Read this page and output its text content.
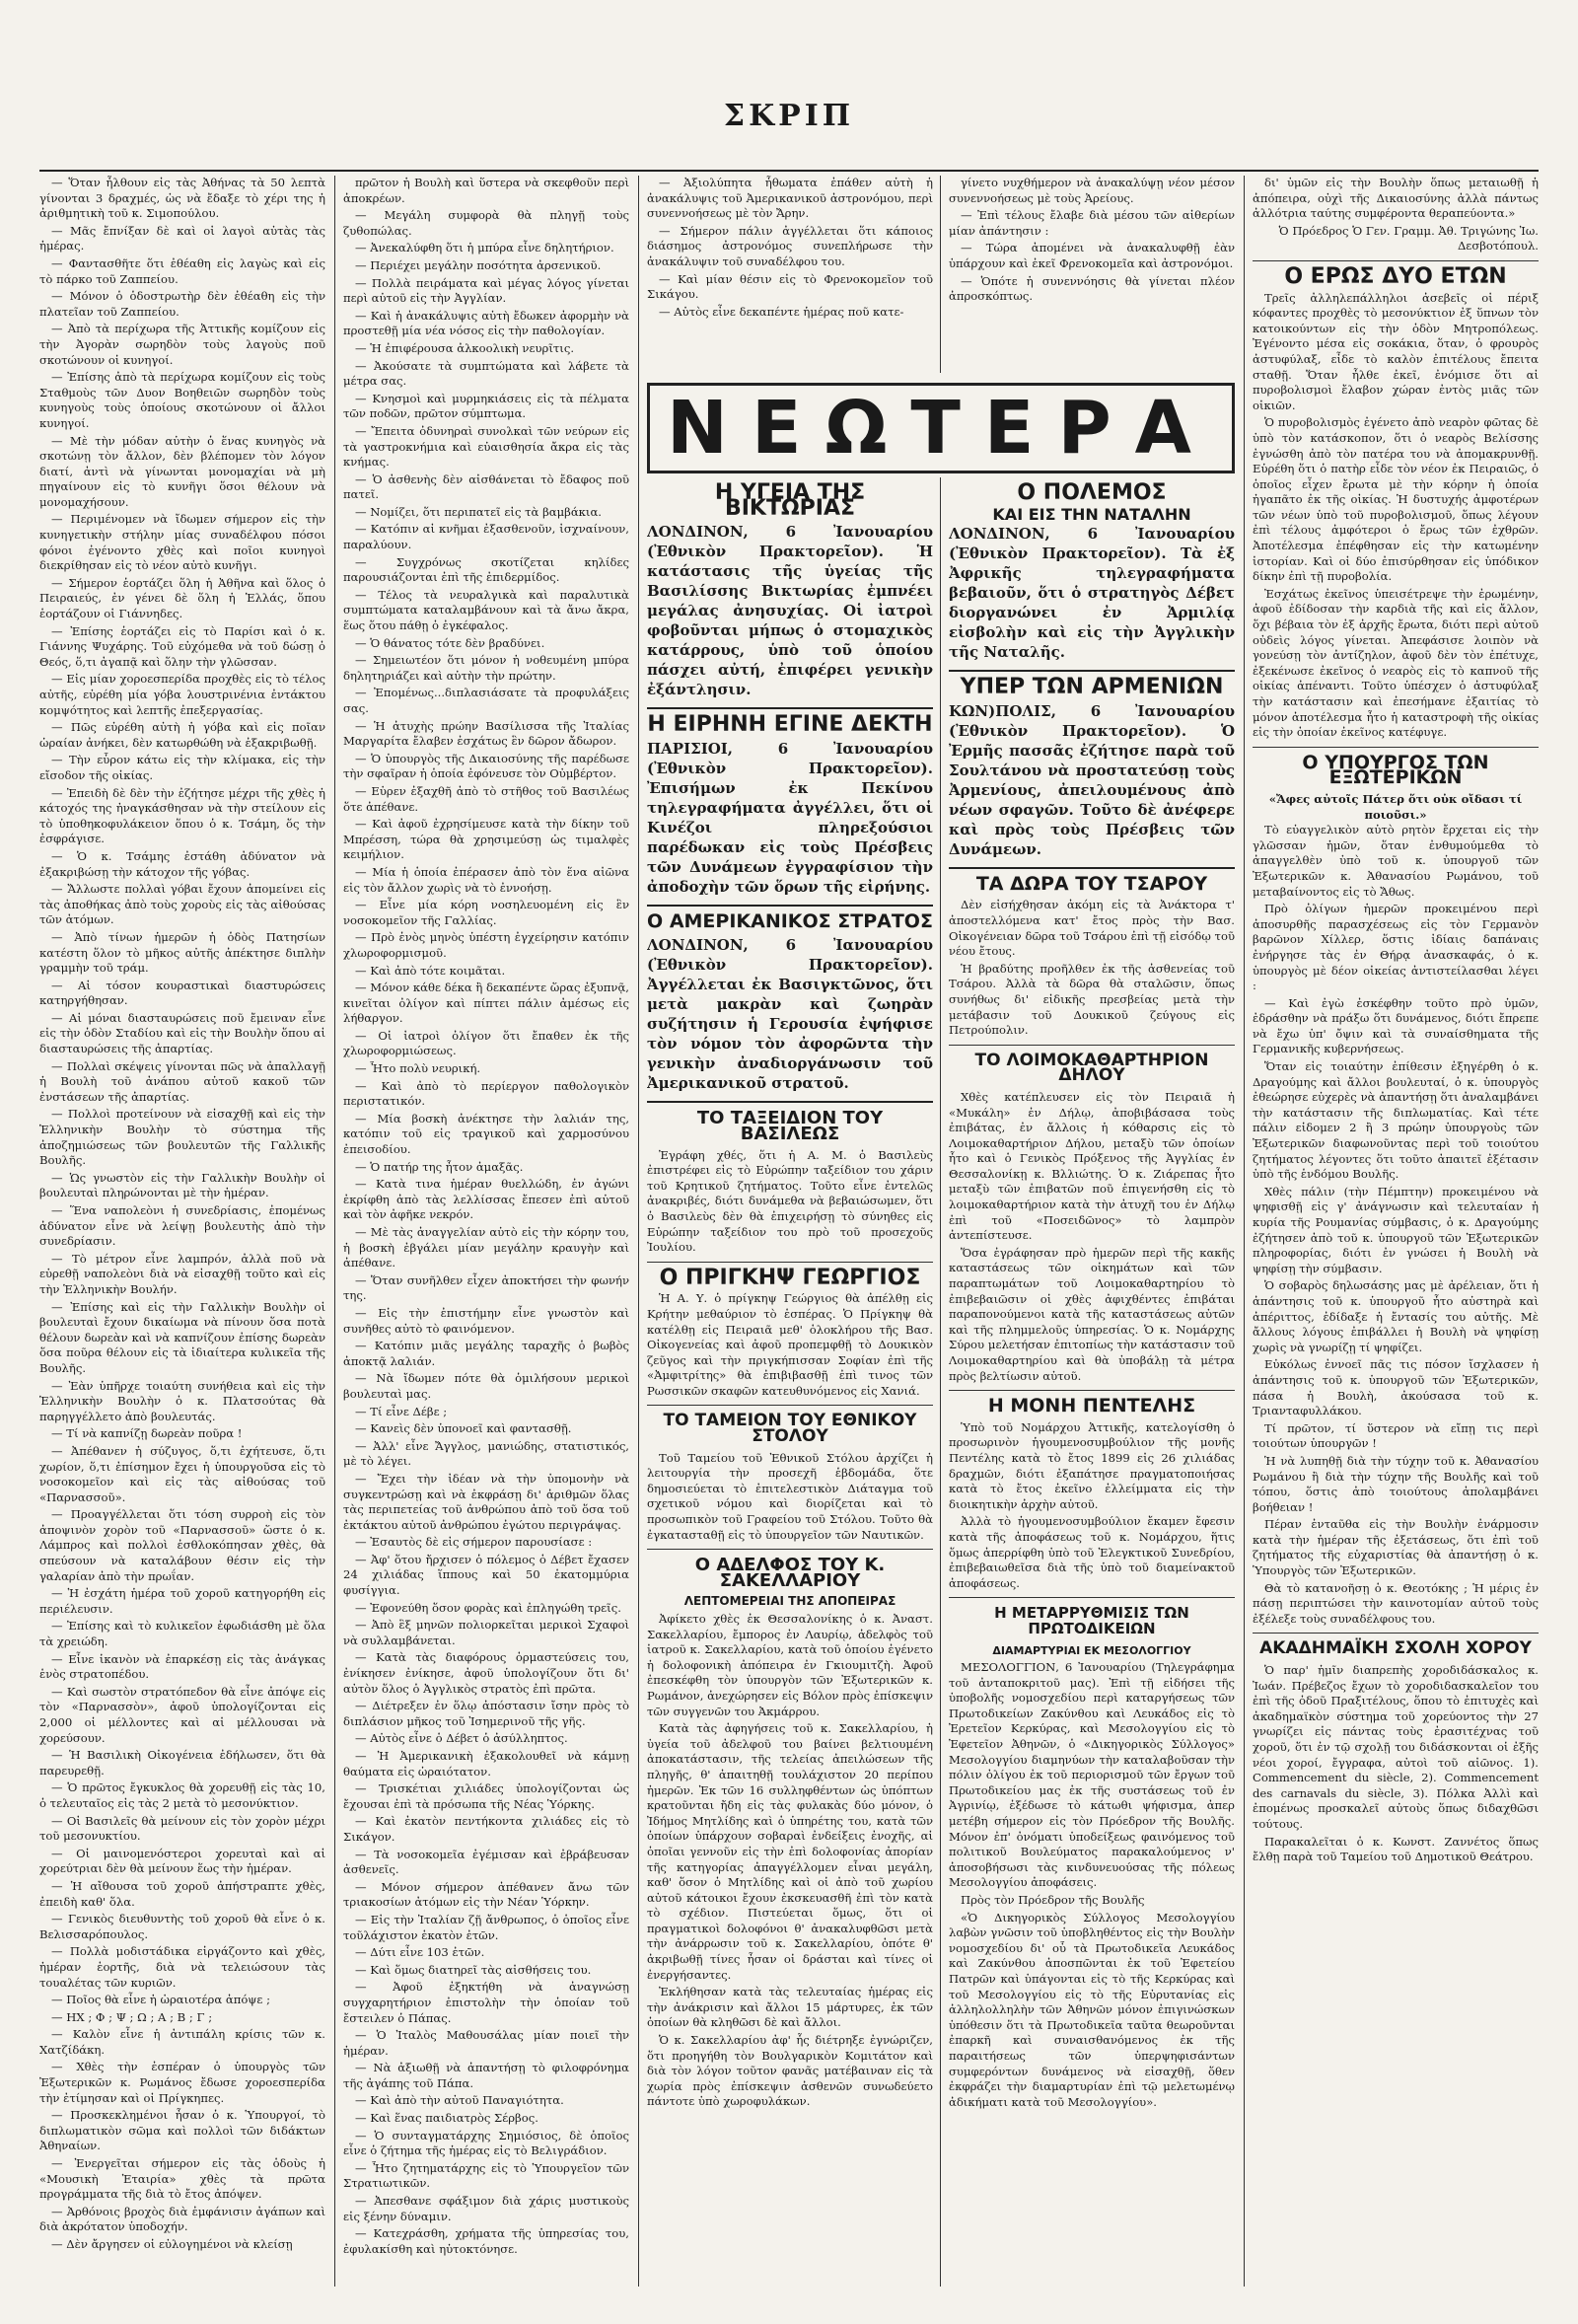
ΣΚΡΙΠ

— Ὅταν ἦλθουν εἰς τὰς Ἀθήνας τὰ 50 λεπτὰ γίνονται 3 δραχμές, ὡς νὰ ἔδαξε τὸ χέρι της ἡ ἀριθμητικὴ τοῦ κ. Σιμοπούλου.

— Μᾶς ἔπνίξαν δὲ καὶ οἱ λαγοὶ αὐτὰς τὰς ἡμέρας.

— Φαντασθῆτε ὅτι ἐθέαθη εἰς λαγὼς καὶ εἰς τὸ πάρκο τοῦ Ζαππείου.

— Μόνον ὁ ὁδοστρωτὴρ δὲν ἐθέαθη εἰς τὴν πλατεῖαν τοῦ Ζαππείου.

— Ἀπὸ τὰ περίχωρα τῆς Ἀττικῆς κομίζουν εἰς τὴν Ἀγορὰν σωρηδὸν τοὺς λαγοὺς ποῦ σκοτώνουν οἱ κυνηγοί.

— Ἐπίσης ἀπὸ τὰ περίχωρα κομίζουν εἰς τοὺς Σταθμοὺς τῶν Δυον Βοηθειῶν σωρηδὸν τοὺς κυνηγοὺς τοὺς ὁποίους σκοτώνουν οἱ ἄλλοι κυνηγοί.

— Μὲ τὴν μόδαν αὐτὴν ὁ ἕνας κυνηγὸς νὰ σκοτώνῃ τὸν ἄλλον, δὲν βλέπομεν τὸν λόγον διατί, ἀντὶ νὰ γίνωνται μονομαχίαι νὰ μὴ πηγαίνουν εἰς τὸ κυνῆγι ὅσοι θέλουν νὰ μονομαχήσουν.

— Περιμένομεν νὰ ἴδωμεν σήμερον εἰς τὴν κυνηγετικὴν στήλην μίας συναδέλφου πόσοι φόνοι ἐγένοντο χθὲς καὶ ποῖοι κυνηγοὶ διεκρίθησαν εἰς τὸ νέον αὐτὸ κυνῆγι.

— Σήμερον ἑορτάζει ὅλη ἡ Ἀθῆνα καὶ ὅλος ὁ Πειραιεύς, ἐν γένει δὲ ὅλη ἡ Ἑλλάς, ὅπου ἑορτάζουν οἱ Γιάννηδες.

— Ἐπίσης ἑορτάζει εἰς τὸ Παρίσι καὶ ὁ κ. Γιάννης Ψυχάρης. Τοῦ εὐχόμεθα νὰ τοῦ δώσῃ ὁ Θεός, ὅ,τι ἀγαπᾷ καὶ ὅλην τὴν γλῶσσαν.

— Εἰς μίαν χοροεσπερίδα προχθὲς εἰς τὸ τέλος αὐτῆς, εὑρέθη μία γόβα λουστρινένια ἐντάκτου κομψότητος καὶ λεπτῆς ἐπεξεργασίας.

— Πῶς εὑρέθη αὐτὴ ἡ γόβα καὶ εἰς ποῖαν ὡραίαν ἀνήκει, δὲν κατωρθώθη νὰ ἐξακριβωθῇ.

— Τὴν εὗρον κάτω εἰς τὴν κλίμακα, εἰς τὴν εἴσοδον τῆς οἰκίας.

— Ἐπειδὴ δὲ δὲν τὴν ἐζήτησε μέχρι τῆς χθὲς ἡ κάτοχός της ἠναγκάσθησαν νὰ τὴν στείλουν εἰς τὸ ὑποθηκοφυλάκειον ὅπου ὁ κ. Τσάμη, ὅς τὴν ἐσφράγισε.

— Ὁ κ. Τσάμης ἐστάθη ἀδύνατον νὰ ἐξακριβώσῃ τὴν κάτοχον τῆς γόβας.

— Ἄλλωστε πολλαὶ γόβαι ἔχουν ἀπομείνει εἰς τὰς ἀποθήκας ἀπὸ τοὺς χοροὺς εἰς τὰς αἰθούσας τῶν ἀτόμων.

— Ἀπὸ τίνων ἡμερῶν ἡ ὁδὸς Πατησίων κατέστη ὅλον τὸ μῆκος αὐτῆς ἀπέκτησε διπλὴν γραμμὴν τοῦ τράμ.

— Αἱ τόσον κουραστικαὶ διαστυρώσεις κατηργήθησαν.

— Αἱ μόναι διασταυρώσεις ποῦ ἔμειναν εἶνε εἰς τὴν ὁδὸν Σταδίου καὶ εἰς τὴν Βουλὴν ὅπου αἱ διασταυρώσεις τῆς ἀπαρτίας.

— Πολλαὶ σκέψεις γίνονται πῶς νὰ ἀπαλλαγῇ ἡ Βουλὴ τοῦ ἀνάπου αὐτοῦ κακοῦ τῶν ἐνστάσεων τῆς ἀπαρτίας.

— Πολλοὶ προτείνουν νὰ εἰσαχθῇ καὶ εἰς τὴν Ἑλληνικὴν Βουλὴν τὸ σύστημα τῆς ἀποζημιώσεως τῶν βουλευτῶν τῆς Γαλλικῆς Βουλῆς.

— Ὡς γνωστὸν εἰς τὴν Γαλλικὴν Βουλὴν οἱ βουλευταὶ πληρώνονται μὲ τὴν ἡμέραν.

— Ἕνα ναπολεὸνι ἡ συνεδρίασις, ἐπομένως ἀδύνατον εἶνε νὰ λείψῃ βουλευτὴς ἀπὸ τὴν συνεδρίασιν.

— Τὸ μέτρον εἶνε λαμπρόν, ἀλλὰ ποῦ νὰ εὑρεθῇ ναπολεὸνι διὰ νὰ εἰσαχθῇ τοῦτο καὶ εἰς τὴν Ἑλληνικὴν Βουλήν.

— Ἐπίσης καὶ εἰς τὴν Γαλλικὴν Βουλὴν οἱ βουλευταὶ ἔχουν δικαίωμα νὰ πίνουν ὅσα ποτὰ θέλουν δωρεὰν καὶ νὰ καπνίζουν ἐπίσης δωρεὰν ὅσα ποῦρα θέλουν εἰς τὰ ἰδιαίτερα κυλικεῖα τῆς Βουλῆς.

— Ἐὰν ὑπῆρχε τοιαύτη συνήθεια καὶ εἰς τὴν Ἑλληνικὴν Βουλὴν ὁ κ. Πλατσούτας θὰ παρηγγέλλετο ἀπὸ βουλευτάς.

— Τί νὰ καπνίζῃ δωρεὰν ποῦρα !

— Ἀπέθανεν ἡ σύζυγος, ὅ,τι ἐχήτευσε, ὅ,τι χωρίον, ὅ,τι ἐπίσημον ἔχει ἡ ὑπουργοῦσα εἰς τὸ νοσοκομεῖον καὶ εἰς τὰς αἰθούσας τοῦ «Παρνασσοῦ».

— Προαγγέλλεται ὅτι τόση συρροὴ εἰς τὸν ἀποψινὸν χορὸν τοῦ «Παρνασσοῦ» ὥστε ὁ κ. Λάμπρος καὶ πολλοὶ ἐσθλοκόπησαν χθὲς, θὰ σπεύσουν νὰ καταλάβουν θέσιν εἰς τὴν γαλαρίαν ἀπὸ τὴν πρωΐαν.

— Ἡ ἐσχάτη ἡμέρα τοῦ χοροῦ κατηγορήθη εἰς περιέλευσιν.

— Ἐπίσης καὶ τὸ κυλικεῖον ἐφωδιάσθη μὲ ὅλα τὰ χρειώδη.

— Εἶνε ἱκανὸν νὰ ἐπαρκέσῃ εἰς τὰς ἀνάγκας ἑνὸς στρατοπέδου.

— Καὶ σωστὸν στρατόπεδον θὰ εἶνε ἀπόψε εἰς τὸν «Παρνασσὸν», ἀφοῦ ὑπολογίζονται εἰς 2,000 οἱ μέλλοντες καὶ αἱ μέλλουσαι νὰ χορεύσουν.

— Ἡ Βασιλικὴ Οἰκογένεια ἐδήλωσεν, ὅτι θὰ παρευρεθῇ.

— Ὁ πρῶτος ἔγκυκλος θὰ χορευθῇ εἰς τὰς 10, ὁ τελευταῖος εἰς τὰς 2 μετὰ τὸ μεσονύκτιον.

— Οἱ Βασιλεῖς θὰ μείνουν εἰς τὸν χορὸν μέχρι τοῦ μεσονυκτίου.

— Οἱ μαινομενόστεροι χορευταὶ καὶ αἱ χορεύτριαι δὲν θὰ μείνουν ἕως τὴν ἡμέραν.

— Ἡ αἴθουσα τοῦ χοροῦ ἀπήστραπτε χθὲς, ἐπειδὴ καθ' ὅλα.

— Γενικὸς διευθυντὴς τοῦ χοροῦ θὰ εἶνε ὁ κ. Βελισσαρόπουλος.

— Πολλὰ μοδιστάδικα εἰργάζοντο καὶ χθὲς, ἡμέραν ἑορτῆς, διὰ νὰ τελειώσουν τὰς τουαλέτας τῶν κυριῶν.

— Ποῖος θὰ εἶνε ἡ ὡραιοτέρα ἀπόψε ;

— ΗΧ ; Φ ; Ψ ; Ω ; Α ; Β ; Γ ;

— Καλὸν εἶνε ἡ ἀντιπάλη κρίσις τῶν κ. Χατζίδάκη.

— Χθὲς τὴν ἐσπέραν ὁ ὑπουργὸς τῶν Ἐξωτερικῶν κ. Ρωμάνος ἔδωσε χοροεσπερίδα τὴν ἐτίμησαν καὶ οἱ Πρίγκηπες.

— Προσκεκλημένοι ἦσαν ὁ κ. Ὑπουργοί, τὸ διπλωματικὸν σῶμα καὶ πολλοὶ τῶν διδάκτων Ἀθηναίων.

— Ἐνεργεῖται σήμερον εἰς τὰς ὁδοὺς ἡ «Μουσικὴ Ἑταιρία» χθὲς τὰ πρῶτα προγράμματα τῆς διὰ τὸ ἔτος ἀπόψεν.

— Ἀρθόνοις βροχὸς διὰ ἐμφάνισιν ἀγάπων καὶ διὰ ἀκρότατον ὑποδοχήν.

— Δὲν ἄργησεν οἱ εὐλογημένοι νὰ κλείσῃ

πρῶτον ἡ Βουλὴ καὶ ὕστερα νὰ σκεφθοῦν περὶ ἀποκρέων.

— Μεγάλη συμφορὰ θὰ πληγῇ τοὺς ζυθοπώλας.

— Ἀνεκαλύφθη ὅτι ἡ μπύρα εἶνε δηλητήριον.

— Περιέχει μεγάλην ποσότητα ἀρσενικοῦ.

— Πολλὰ πειράματα καὶ μέγας λόγος γίνεται περὶ αὐτοῦ εἰς τὴν Ἀγγλίαν.

— Καὶ ἡ ἀνακάλυψις αὐτὴ ἔδωκεν ἀφορμὴν νὰ προστεθῇ μία νέα νόσος εἰς τὴν παθολογίαν.

— Ἡ ἐπιφέρουσα ἀλκοολικὴ νευρῖτις.

— Ἀκούσατε τὰ συμπτώματα καὶ λάβετε τὰ μέτρα σας.

— Κνησμοὶ καὶ μυρμηκιάσεις εἰς τὰ πέλματα τῶν ποδῶν, πρῶτον σύμπτωμα.

— Ἔπειτα ὀδυνηραὶ συνολκαὶ τῶν νεύρων εἰς τὰ γαστροκνήμια καὶ εὐαισθησία ἄκρα εἰς τὰς κνήμας.

— Ὁ ἀσθενὴς δὲν αἰσθάνεται τὸ ἔδαφος ποῦ πατεῖ.

— Νομίζει, ὅτι περιπατεῖ εἰς τὰ βαμβάκια.

— Κατόπιν αἱ κνῆμαι ἐξασθενοῦν, ἰσχναίνουν, παραλύουν.

— Συγχρόνως σκοτίζεται κηλίδες παρουσιάζονται ἐπὶ τῆς ἐπιδερμίδος.

— Τέλος τὰ νευραλγικὰ καὶ παραλυτικὰ συμπτώματα καταλαμβάνουν καὶ τὰ ἄνω ἄκρα, ἕως ὅτου πάθῃ ὁ ἐγκέφαλος.

— Ὁ θάνατος τότε δὲν βραδύνει.

— Σημειωτέον ὅτι μόνον ἡ νοθευμένη μπύρα δηλητηριάζει καὶ αὐτὴν τὴν πρώτην.

— Ἐπομένως...διπλασιάσατε τὰ προφυλάξεις σας.

— Ἡ ἀτυχὴς πρώην Βασίλισσα τῆς Ἰταλίας Μαργαρίτα ἔλαβεν ἐσχάτως ἓν δῶρον ἄδωρον.

— Ὁ ὑπουργὸς τῆς Δικαιοσύνης τῆς παρέδωσε τὴν σφαῖραν ἡ ὁποία ἐφόνευσε τὸν Οὐμβέρτον.

— Εὑρεν ἐξαχθῆ ἀπὸ τὸ στῆθος τοῦ Βασιλέως ὅτε ἀπέθανε.

— Καὶ ἀφοῦ ἐχρησίμευσε κατὰ τὴν δίκην τοῦ Μπρέσση, τώρα θὰ χρησιμεύσῃ ὡς τιμαλφὲς κειμήλιον.

— Μία ἡ ὁποία ἐπέρασεν ἀπὸ τὸν ἕνα αἰῶνα εἰς τὸν ἄλλον χωρὶς νὰ τὸ ἐννοήσῃ.

— Εἶνε μία κόρη νοσηλευομένη εἰς ἓν νοσοκομεῖον τῆς Γαλλίας.

— Πρὸ ἑνὸς μηνὸς ὑπέστη ἐγχείρησιν κατόπιν χλωροφορμισμοῦ.

— Καὶ ἀπὸ τότε κοιμᾶται.

— Μόνον κάθε δέκα ἢ δεκαπέντε ὥρας ἐξυπνᾷ, κινεῖται ὀλίγον καὶ πίπτει πάλιν ἀμέσως εἰς λήθαργον.

— Οἱ ἰατροὶ ὀλίγον ὅτι ἔπαθεν ἐκ τῆς χλωροφορμιώσεως.

— Ἦτο πολὺ νευρική.

— Καὶ ἀπὸ τὸ περίεργον παθολογικὸν περιστατικόν.

— Μία βοσκὴ ἀνέκτησε τὴν λαλιάν της, κατόπιν τοῦ εἰς τραγικοῦ καὶ χαρμοσύνου ἐπεισοδίου.

— Ὁ πατήρ της ἦτον ἀμαξᾶς.

— Κατὰ τινα ἡμέραν θυελλώδη, ἐν ἀγώνι ἐκρίφθη ἀπὸ τὰς λελλίσσας ἔπεσεν ἐπὶ αὐτοῦ καὶ τὸν ἀφῆκε νεκρόν.

— Μὲ τὰς ἀναγγελίαν αὐτὸ εἰς τὴν κόρην του, ἡ βοσκὴ ἐβγάλει μίαν μεγάλην κραυγὴν καὶ ἀπέθανε.

— Ὅταν συνῆλθεν εἶχεν ἀποκτήσει τὴν φωνήν της.

— Εἰς τὴν ἐπιστήμην εἶνε γνωστὸν καὶ συνῆθες αὐτὸ τὸ φαινόμενον.

— Κατόπιν μιᾶς μεγάλης ταραχῆς ὁ βωβὸς ἀποκτᾷ λαλιάν.

— Νὰ ἴδωμεν πότε θὰ ὁμιλήσουν μερικοὶ βουλευταὶ μας.

— Τί εἶνε Δέβε ;

— Κανεὶς δὲν ὑπονοεῖ καὶ φαντασθῇ.

— Ἀλλ' εἶνε Ἄγγλος, μανιώδης, στατιστικός, μὲ τὸ λέγει.

— Ἔχει τὴν ἰδέαν νὰ τὴν ὑπομονὴν νὰ συγκεντρώσῃ καὶ νὰ ἐκφράσῃ δι' ἀριθμῶν ὅλας τὰς περιπετείας τοῦ ἀνθρώπου ἀπὸ τοῦ ὅσα τοῦ ἐκτάκτου αὐτοῦ ἀνθρώπου ἐγώτου περιγράψας.

— Ἐσαυτὸς δὲ εἰς σήμερον παρουσίασε :

— Ἀφ' ὅτου ἤρχισεν ὁ πόλεμος ὁ Δέβετ ἔχασεν 24 χιλιάδας ἵππους καὶ 50 ἑκατομμύρια φυσίγγια.

— Ἐφονεύθη ὅσον φορὰς καὶ ἐπληγώθη τρεῖς.

— Ἀπὸ ἓξ μηνῶν πολιορκεῖται μερικοὶ Σχαφοὶ νὰ συλλαμβάνεται.

— Κατὰ τὰς διαφόρους ὁρμαστεύσεις του, ἐνίκησεν ἐνίκησε, ἀφοῦ ὑπολογίζουν ὅτι δι' αὐτὸν ὅλος ὁ Ἀγγλικὸς στρατὸς ἐπὶ πρῶτα.

— Διέτρεξεν ἐν ὅλῳ ἀπόστασιν ἴσην πρὸς τὸ διπλάσιον μῆκος τοῦ Ἰσημερινοῦ τῆς γῆς.

— Αὐτὸς εἶνε ὁ Δέβετ ὁ ἀσύλληπτος.

— Ἡ Ἀμερικανικὴ ἐξακολουθεῖ νὰ κάμνῃ θαύματα εἰς ὡραιότατον.

— Τρισκέτιαι χιλιάδες ὑπολογίζονται ὡς ἔχουσαι ἐπὶ τὰ πρόσωπα τῆς Νέας Ὑόρκης.

— Καὶ ἐκατὸν πεντήκοντα χιλιάδες εἰς τὸ Σικάγον.

— Τὰ νοσοκομεῖα ἐγέμισαν καὶ ἐβράβευσαν ἀσθενεῖς.

— Μόνον σήμερον ἀπέθανεν ἄνω τῶν τριακοσίων ἀτόμων εἰς τὴν Νέαν Ὑόρκην.

— Εἰς τὴν Ἰταλίαν ζῇ ἄνθρωπος, ὁ ὁποῖος εἶνε τοῦλάχιστον ἑκατὸν ἐτῶν.

— Δύτι εἶνε 103 ἐτῶν.

— Καὶ ὅμως διατηρεῖ τὰς αἰσθήσεις του.

— Ἀφοῦ ἐξηκτήθη νὰ ἀναγνώσῃ συγχαρητήριον ἐπιστολὴν τὴν ὁποίαν τοῦ ἔστειλεν ὁ Πάπας.

— Ὁ Ἰταλὸς Μαθουσάλας μίαν ποιεῖ τὴν ἡμέραν.

— Νὰ ἀξιωθῇ νὰ ἀπαντήσῃ τὸ φιλοφρόνημα τῆς ἀγάπης τοῦ Πάπα.

— Καὶ ἀπὸ τὴν αὐτοῦ Παναγιότητα.

— Καὶ ἕνας παιδιατρὸς Σέρβος.

— Ὁ συνταγματάρχης Σημιόσιος, δὲ ὁποῖος εἶνε ὁ ζήτημα τῆς ἡμέρας εἰς τὸ Βελιγράδιον.

— Ἦτο ζητηματάρχης εἰς τὸ Ὑπουργεῖον τῶν Στρατιωτικῶν.

— Ἀπεσθανε σφάξιμον διὰ χάρις μυστικοὺς εἰς ξένην δύναμιν.

— Κατεχράσθη, χρήματα τῆς ὑπηρεσίας του, ἐφυλακίσθη καὶ ηὐτοκτόνησε.

— Ἀξιολύπητα ἦθωματα ἐπάθεν αὐτὴ ἡ ἀνακάλυψις τοῦ Ἀμερικανικοῦ ἀστρονόμου, περὶ συνεννοήσεως μὲ τὸν Ἄρην.

— Σήμερον πάλιν ἀγγέλλεται ὅτι κάποιος διάσημος ἀστρονόμος συνεπλήρωσε τὴν ἀνακάλυψιν τοῦ συναδέλφου του.

— Καὶ μίαν θέσιν εἰς τὸ Φρενοκομεῖον τοῦ Σικάγου.

— Αὐτὸς εἶνε δεκαπέντε ἡμέρας ποῦ κατε-

γίνετο νυχθήμερον νὰ ἀνακαλύψῃ νέον μέσον συνεννοήσεως μὲ τοὺς Ἀρείους.

— Ἐπὶ τέλους ἔλαβε διὰ μέσου τῶν αἰθερίων μίαν ἀπάντησιν :

— Τώρα ἀπομένει νὰ ἀνακαλυφθῇ ἐὰν ὑπάρχουν καὶ ἐκεῖ Φρενοκομεῖα καὶ ἀστρονόμοι.

— Ὁπότε ἡ συνεννόησις θὰ γίνεται πλέον ἀπροσκόπτως.

ΝΕΩΤΕΡΑ
Η ΥΓΕΙΑ ΤΗΣ ΒΙΚΤΩΡΙΑΣ
ΛΟΝΔΙΝΟΝ, 6 Ἰανουαρίου (Ἐθνικὸν Πρακτορεῖον). Ἡ κατάστασις τῆς ὑγείας τῆς Βασιλίσσης Βικτωρίας ἐμπνέει μεγάλας ἀνησυχίας. Οἱ ἰατροὶ φοβοῦνται μήπως ὁ στομαχικὸς κατάρρους, ὑπὸ τοῦ ὁποίου πάσχει αὐτή, ἐπιφέρει γενικὴν ἐξάντλησιν.
Η ΕΙΡΗΝΗ ΕΓΙΝΕ ΔΕΚΤΗ
ΠΑΡΙΣΙΟΙ, 6 Ἰανουαρίου (Ἐθνικὸν Πρακτορεῖον). Ἐπισήμων ἐκ Πεκίνου τηλεγραφήματα ἀγγέλλει, ὅτι οἱ Κινέζοι πληρεξούσιοι παρέδωκαν εἰς τοὺς Πρέσβεις τῶν Δυνάμεων ἐγγραφίσιον τὴν ἀποδοχὴν τῶν ὅρων τῆς εἰρήνης.
Ο ΑΜΕΡΙΚΑΝΙΚΟΣ ΣΤΡΑΤΟΣ
ΛΟΝΔΙΝΟΝ, 6 Ἰανουαρίου (Ἐθνικὸν Πρακτορεῖον). Ἀγγέλλεται ἐκ Βασιγκτῶνος, ὅτι μετὰ μακρὰν καὶ ζωηρὰν συζήτησιν ἡ Γερουσία ἐψήφισε τὸν νόμον τὸν ἀφορῶντα τὴν γενικὴν ἀναδιοργάνωσιν τοῦ Ἀμερικανικοῦ στρατοῦ.
ΤΟ ΤΑΞΕΙΔΙΟΝ ΤΟΥ ΒΑΣΙΛΕΩΣ

Ἐγράφη χθές, ὅτι ἡ Α. Μ. ὁ Βασιλεὺς ἐπιστρέφει εἰς τὸ Εὐρώπην ταξείδιον του χάριν τοῦ Κρητικοῦ ζητήματος. Τοῦτο εἶνε ἐντελῶς ἀνακριβές, διότι δυνάμεθα νὰ βεβαιώσωμεν, ὅτι ὁ Βασιλεὺς δὲν θὰ ἐπιχειρήσῃ τὸ σύνηθες εἰς Εὐρώπην ταξείδιον του πρὸ τοῦ προσεχοῦς Ἰουλίου.

Ο ΠΡΙΓΚΗΨ ΓΕΩΡΓΙΟΣ

Ἡ Α. Υ. ὁ πρίγκηψ Γεώργιος θὰ ἀπέλθῃ εἰς Κρήτην μεθαύριον τὸ ἑσπέρας. Ὁ Πρίγκηψ θὰ κατέλθῃ εἰς Πειραιᾶ μεθ' ὁλοκλήρου τῆς Βασ. Οἰκογενείας καὶ ἀφοῦ προπεμφθῇ τὸ Δουκικὸν ζεῦγος καὶ τὴν πριγκήπισσαν Σοφίαν ἐπὶ τῆς «Ἀμφιτρίτης» θὰ ἐπιβιβασθῇ ἐπὶ τινος τῶν Ρωσσικῶν σκαφῶν κατευθυνόμενος εἰς Χανιά.

ΤΟ ΤΑΜΕΙΟΝ ΤΟΥ ΕΘΝΙΚΟΥ ΣΤΟΛΟΥ

Τοῦ Ταμείου τοῦ Ἐθνικοῦ Στόλου ἀρχίζει ἡ λειτουργία τὴν προσεχῆ ἑβδομάδα, ὅτε δημοσιεύεται τὸ ἐπιτελεστικὸν Διάταγμα τοῦ σχετικοῦ νόμου καὶ διορίζεται καὶ τὸ προσωπικὸν τοῦ Γραφείου τοῦ Στόλου. Τοῦτο θὰ ἐγκατασταθῇ εἰς τὸ ὑπουργεῖον τῶν Ναυτικῶν.

Ο ΑΔΕΛΦΟΣ ΤΟΥ Κ. ΣΑΚΕΛΛΑΡΙΟΥ
ΛΕΠΤΟΜΕΡΕΙΑΙ ΤΗΣ ΑΠΟΠΕΙΡΑΣ

Ἀφίκετο χθὲς ἐκ Θεσσαλονίκης ὁ κ. Ἀναστ. Σακελλαρίου, ἔμπορος ἐν Λαυρίῳ, ἀδελφὸς τοῦ ἰατροῦ κ. Σακελλαρίου, κατὰ τοῦ ὁποίου ἐγένετο ἡ δολοφονικὴ ἀπόπειρα ἐν Γκιουμιτζὴ. Ἀφοῦ ἐπεσκέφθη τὸν ὑπουργὸν τῶν Ἐξωτερικῶν κ. Ρωμάνον, ἀνεχώρησεν εἰς Βόλον πρὸς ἐπίσκεψιν τῶν συγγενῶν του Ἀκμάρρου.

Κατὰ τὰς ἀφηγήσεις τοῦ κ. Σακελλαρίου, ἡ ὑγεία τοῦ ἀδελφοῦ του βαίνει βελτιουμένη ἀποκατάστασιν, τῆς τελείας ἀπειλώσεων τῆς πληγῆς, θ' ἀπαιτηθῇ τουλάχιστον 20 περίπου ἡμερῶν. Ἐκ τῶν 16 συλληφθέντων ὡς ὑπόπτων κρατοῦνται ἤδη εἰς τὰς φυλακὰς δύο μόνον, ὁ Ἰδήμος Μητλίδης καὶ ὁ ὑπηρέτης του, κατὰ τῶν ὁποίων ὑπάρχουν σοβαραὶ ἐνδείξεις ἐνοχῆς, αἱ ὁποῖαι γεννοῦν εἰς τὴν ἐπὶ δολοφονίας ἀπορίαν τῆς κατηγορίας ἀπαγγέλλομεν εἶναι μεγάλη, καθ' ὅσον ὁ Μητλίδης καὶ οἱ ἀπὸ τοῦ χωρίου αὐτοῦ κάτοικοι ἔχουν ἐκσκευασθῆ ἐπὶ τὸν κατὰ τὸ σχέδιον. Πιστεύεται ὅμως, ὅτι οἱ πραγματικοὶ δολοφόνοι θ' ἀνακαλυφθῶσι μετὰ τὴν ἀνάρρωσιν τοῦ κ. Σακελλαρίου, ὁπότε θ' ἀκριβωθῇ τίνες ἦσαν οἱ δράσται καὶ τίνες οἱ ἐνεργήσαντες.

Ἐκλήθησαν κατὰ τὰς τελευταίας ἡμέρας εἰς τὴν ἀνάκρισιν καὶ ἄλλοι 15 μάρτυρες, ἐκ τῶν ὁποίων θὰ κληθῶσι δὲ καὶ ἄλλοι.

Ὁ κ. Σακελλαρίου ἀφ' ἧς διέτρηξε ἐγνώριζεν, ὅτι προηγήθη τὸν Βουλγαρικὸν Κομιτάτον καὶ διὰ τὸν λόγον τοῦτον φανᾶς ματέβαιναν εἰς τὰ χωρία πρὸς ἐπίσκεψιν ἀσθενῶν συνωδεύετο πάντοτε ὑπὸ χωροφυλάκων.

Ο ΠΟΛΕΜΟΣ
ΚΑΙ ΕΙΣ ΤΗΝ ΝΑΤΑΛΗΝ
ΛΟΝΔΙΝΟΝ, 6 Ἰανουαρίου (Ἐθνικὸν Πρακτορεῖον). Τὰ ἐξ Ἀφρικῆς τηλεγραφήματα βεβαιοῦν, ὅτι ὁ στρατηγὸς Δέβετ διοργανώνει ἐν Ἀρμιλίᾳ εἰσβολὴν καὶ εἰς τὴν Ἀγγλικὴν τῆς Ναταλῆς.
ΥΠΕΡ ΤΩΝ ΑΡΜΕΝΙΩΝ
ΚΩΝ)ΠΟΛΙΣ, 6 Ἰανουαρίου (Ἐθνικὸν Πρακτορεῖον). Ὁ Ἐρμῆς πασσᾶς ἐζήτησε παρὰ τοῦ Σουλτάνου νὰ προστατεύσῃ τοὺς Ἀρμενίους, ἀπειλουμένους ἀπὸ νέων σφαγῶν. Τοῦτο δὲ ἀνέφερε καὶ πρὸς τοὺς Πρέσβεις τῶν Δυνάμεων.
ΤΑ ΔΩΡΑ ΤΟΥ ΤΣΑΡΟΥ

Δὲν εἰσήχθησαν ἀκόμη εἰς τὰ Ἀνάκτορα τ' ἀποστελλόμενα κατ' ἔτος πρὸς τὴν Βασ. Οἰκογένειαν δῶρα τοῦ Τσάρου ἐπὶ τῇ εἰσόδῳ τοῦ νέου ἔτους.

Ἡ βραδύτης προῆλθεν ἐκ τῆς ἀσθενείας τοῦ Τσάρου. Ἀλλὰ τὰ δῶρα θὰ σταλῶσιν, ὅπως συνήθως δι' εἰδικῆς πρεσβείας μετὰ τὴν μετάβασιν τοῦ Δουκικοῦ ζεύγους εἰς Πετρούπολιν.

ΤΟ ΛΟΙΜΟΚΑΘΑΡΤΗΡΙΟΝ ΔΗΛΟΥ

Χθὲς κατέπλευσεν εἰς τὸν Πειραιᾶ ἡ «Μυκάλη» ἐν Δήλῳ, ἀποβιβάσασα τοὺς ἐπιβάτας, ἐν ἄλλοις ἡ κόθαρσις εἰς τὸ Λοιμοκαθαρτήριον Δήλου, μεταξὺ τῶν ὁποίων ἦτο καὶ ὁ Γενικὸς Πρόξενος τῆς Ἀγγλίας ἐν Θεσσαλονίκῃ κ. Βλλιώτης. Ὁ κ. Ζιάρεπας ἦτο μεταξὺ τῶν ἐπιβατῶν ποῦ ἐπιγενήσθη εἰς τὸ λοιμοκαθαρτήριον κατὰ τὴν ἀτυχῆ του ἐν Δήλῳ ἐπὶ τοῦ «Ποσειδῶνος» τὸ λαμπρὸν ἀντεπίστευσε.

Ὅσα ἐγράφησαν πρὸ ἡμερῶν περὶ τῆς κακῆς καταστάσεως τῶν οἰκημάτων καὶ τῶν παραπτωμάτων τοῦ Λοιμοκαθαρτηρίου τὸ ἐπιβεβαιῶσιν οἱ χθὲς ἀφιχθέντες ἐπιβάται παραπονούμενοι κατὰ τῆς καταστάσεως αὐτῶν καὶ τῆς πλημμελοῦς ὑπηρεσίας. Ὁ κ. Νομάρχης Σύρου μελετήσαν ἐπιτοπίως τὴν κατάστασιν τοῦ Λοιμοκαθαρτηρίου καὶ θὰ ὑποβάλῃ τὰ μέτρα πρὸς βελτίωσιν αὐτοῦ.

Η ΜΟΝΗ ΠΕΝΤΕΛΗΣ

Ὑπὸ τοῦ Νομάρχου Ἀττικῆς, κατελογίσθη ὁ προσωρινὸν ἡγουμενοσυμβούλιον τῆς μονῆς Πεντέλης κατὰ τὸ ἔτος 1899 εἰς 26 χιλιάδας δραχμῶν, διότι ἐξαπάτησε πραγματοποιήσας κατὰ τὸ ἔτος ἐκεῖνο ἐλλείμματα εἰς τὴν διοικητικὴν ἀρχὴν αὐτοῦ.

Ἀλλὰ τὸ ἡγουμενοσυμβούλιον ἔκαμεν ἔφεσιν κατὰ τῆς ἀποφάσεως τοῦ κ. Νομάρχου, ἥτις ὅμως ἀπερρίφθη ὑπὸ τοῦ Ἐλεγκτικοῦ Συνεδρίου, ἐπιβεβαιωθεῖσα διὰ τῆς ὑπὸ τοῦ διαμείνακτοῦ ἀποφάσεως.

Η ΜΕΤΑΡΡΥΘΜΙΣΙΣ ΤΩΝ ΠΡΩΤΟΔΙΚΕΙΩΝ
ΔΙΑΜΑΡΤΥΡΙΑΙ ΕΚ ΜΕΣΟΛΟΓΓΙΟΥ

ΜΕΣΟΛΟΓΓΙΟΝ, 6 Ἰανουαρίου (Τηλεγράφημα τοῦ ἀνταποκριτοῦ μας). Ἐπὶ τῇ εἰδήσει τῆς ὑποβολῆς νομοσχεδίου περὶ καταργήσεως τῶν Πρωτοδικείων Ζακύνθου καὶ Λευκάδος εἰς τὸ Ἐρετεῖον Κερκύρας, καὶ Μεσολογγίου εἰς τὸ Ἐφετεῖον Ἀθηνῶν, ὁ «Δικηγορικὸς Σύλλογος» Μεσολογγίου διαμηνύων τὴν καταλαβοῦσαν τὴν πόλιν ὀλίγου ἐκ τοῦ περιορισμοῦ τῶν ἔργων τοῦ Πρωτοδικείου μας ἐκ τῆς συστάσεως τοῦ ἐν Ἀγρινίῳ, ἐξέδωσε τὸ κάτωθι ψήφισμα, ἀπερ μετέβη σήμερον εἰς τὸν Πρόεδρον τῆς Βουλῆς. Μόνον ἐπ' ὀνόματι ὑποδείξεως φαινόμενος τοῦ πολιτικοῦ Βουλεύματος παρακαλούμενος ν' ἀποσοβήσωσι τὰς κινδυνευούσας τῆς πόλεως Μεσολογγίου ἀποφάσεις.

Πρὸς τὸν Πρόεδρον τῆς Βουλῆς

«Ὁ Δικηγορικὸς Σύλλογος Μεσολογγίου λαβὼν γνῶσιν τοῦ ὑποβληθέντος εἰς τὴν Βουλὴν νομοσχεδίου δι' οὗ τὰ Πρωτοδικεῖα Λευκάδος καὶ Ζακύνθου ἀποσπῶνται ἐκ τοῦ Ἐφετείου Πατρῶν καὶ ὑπάγονται εἰς τὸ τῆς Κερκύρας καὶ τοῦ Μεσολογγίου εἰς τὸ τῆς Εὐρυτανίας εἰς ἀλληλολληλὴν τῶν Ἀθηνῶν μόνον ἐπιγινώσκων ὑπόθεσιν ὅτι τὰ Πρωτοδικεῖα ταῦτα θεωροῦνται ἐπαρκῆ καὶ συναισθανόμενος ἐκ τῆς παραιτήσεως τῶν ὑπερψηφισάντων συμφερόντων δυνάμενος νὰ εἰσαχθῇ, ὅθεν ἐκφράζει τὴν διαμαρτυρίαν ἐπὶ τῷ μελετωμένῳ ἀδικήματι κατὰ τοῦ Μεσολογγίου».

δι' ὑμῶν εἰς τὴν Βουλὴν ὅπως μεταιωθῇ ἡ ἀπόπειρα, οὐχὶ τῆς Δικαιοσύνης ἀλλὰ πάντως ἀλλότρια ταύτης συμφέροντα θεραπεύοντα.»

Ὁ Πρόεδρος Ὁ Γεν. Γραμμ. Ἀθ. Τριγώνης Ἰω. Δεσβοτόπουλ.
Ο ΕΡΩΣ ΔΥΟ ΕΤΩΝ

Τρεῖς ἀλληλεπάλληλοι ἀσεβεῖς οἱ πέριξ κόφαντες προχθὲς τὸ μεσονύκτιον ἐξ ὕπνων τὸν κατοικούντων εἰς τὴν ὁδὸν Μητροπόλεως. Ἐγένοντο μέσα εἰς σοκάκια, ὅταν, ὁ φρουρὸς ἀστυφύλαξ, εἶδε τὸ καλὸν ἐπιτέλους ἔπειτα σταθῇ. Ὅταν ἦλθε ἐκεῖ, ἐνόμισε ὅτι αἱ πυροβολισμοὶ ἔλαβον χώραν ἐντὸς μιᾶς τῶν οἰκιῶν.

Ὁ πυροβολισμὸς ἐγένετο ἀπὸ νεαρὸν φῶτας δὲ ὑπὸ τὸν κατάσκοπον, ὅτι ὁ νεαρὸς Βελίσσης ἐγνώσθη ἀπὸ τὸν πατέρα του νὰ ἀπομακρυνθῇ. Εὑρέθη ὅτι ὁ πατὴρ εἶδε τὸν νέον ἐκ Πειραιῶς, ὁ ὁποῖος εἶχεν ἔρωτα μὲ τὴν κόρην ἡ ὁποία ἠγαπᾶτο ἐκ τῆς οἰκίας. Ἡ δυστυχής ἀμφοτέρων τῶν νέων ὑπὸ τοῦ πυροβολισμοῦ, ὅπως λέγουν ἐπὶ τέλους ἀμφότεροι ὁ ἔρως τῶν ἐχθρῶν. Ἀποτέλεσμα ἐπέφθησαν εἰς τὴν κατωμένην ἱστορίαν. Καὶ οἱ δύο ἐπισύρθησαν εἰς ὑπόδικον δίκην ἐπὶ τῇ πυροβολία.

Ἐσχάτως ἐκεῖνος ὑπεισέτρεψε τὴν ἐρωμένην, ἀφοῦ ἐδίδοσαν τὴν καρδιὰ τῆς καὶ εἰς ἄλλον, ὅχι βέβαια τὸν ἐξ ἀρχῆς ἔρωτα, διότι περὶ αὐτοῦ οὐδεὶς λόγος γίνεται. Ἀπεφάσισε λοιπὸν νὰ γονεύσῃ τὸν ἀντίζηλον, ἀφοῦ δὲν τὸν ἐπέτυχε, ἐξεκένωσε ἐκεῖνος ὁ νεαρὸς εἰς τὸ καπνοῦ τῆς οἰκίας ἀπέναντι. Τοῦτο ὑπέσχεν ὁ ἀστυφύλαξ τὴν κατάστασιν καὶ ἐπεσήμανε ἐξαιτίας τὸ μόνον ἀποτέλεσμα ἦτο ἡ καταστροφὴ τῆς οἰκίας εἰς τὴν ὁποίαν ἐκεῖνος κατέφυγε.

Ο ΥΠΟΥΡΓΟΣ ΤΩΝ ΕΞΩΤΕΡΙΚΩΝ
«Ἄφες αὐτοῖς Πάτερ ὅτι οὐκ οἴδασι τί ποιοῦσι.»

Τὸ εὐαγγελικὸν αὐτὸ ρητὸν ἔρχεται εἰς τὴν γλῶσσαν ἡμῶν, ὅταν ἐνθυμούμεθα τὸ ἀπαγγελθὲν ὑπὸ τοῦ κ. ὑπουργοῦ τῶν Ἐξωτερικῶν κ. Ἀθανασίου Ρωμάνου, τοῦ μεταβαίνοντος εἰς τὸ Ἄθως.

Πρὸ ὀλίγων ἡμερῶν προκειμένου περὶ ἀποσυρθῆς παρασχέσεως εἰς τὸν Γερμανὸν βαρῶνον Χίλλερ, ὅστις ἰδίαις δαπάναις ἐνήργησε τὰς ἐν Θήρᾳ ἀνασκαφάς, ὁ κ. ὑπουργὸς μὲ δέον οἰκείας ἀντιστείλασθαι λέγει :

— Καὶ ἐγὼ ἐσκέφθην τοῦτο πρὸ ὑμῶν, ἐδράσθην νὰ πράξω ὅτι δυνάμενος, διότι ἔπρεπε νὰ ἔχω ὑπ' ὄψιν καὶ τὰ συναίσθηματα τῆς Γερμανικῆς κυβερνήσεως.

Ὅταν εἰς τοιαύτην ἐπίθεσιν ἐξηγέρθη ὁ κ. Δραγούμης καὶ ἄλλοι βουλευταί, ὁ κ. ὑπουργὸς ἐθεώρησε εὐχερὲς νὰ ἀπαντήσῃ ὅτι ἀναλαμβάνει τὴν κατάστασιν τῆς διπλωματίας. Καὶ τέτε πάλιν εἰδομεν 2 ἢ 3 πρώην ὑπουργοὺς τῶν Ἐξωτερικῶν διαφωνοῦντας περὶ τοῦ τοιούτου ζητήματος λέγοντες ὅτι τοῦτο ἀπαιτεῖ ἐξέτασιν ὑπὸ τῆς ἑνδόμου Βουλῆς.

Χθὲς πάλιν (τὴν Πέμπτην) προκειμένου νὰ ψηφισθῇ εἰς γ' ἀνάγνωσιν καὶ τελευταίαν ἡ κυρία τῆς Ρουμανίας σύμβασις, ὁ κ. Δραγούμης ἐζήτησεν ἀπὸ τοῦ κ. ὑπουργοῦ τῶν Ἐξωτερικῶν πληροφορίας, διότι ἐν γνώσει ἡ Βουλὴ νὰ ψηφίσῃ τὴν σύμβασιν.

Ὁ σοβαρὸς δηλωσάσης μας μὲ ἀρέλειαν, ὅτι ἡ ἀπάντησις τοῦ κ. ὑπουργοῦ ἦτο αὐστηρὰ καὶ ἀπέριττος, ἐδίδαξε ἡ ἔντασίς του αὐτῆς. Μὲ ἄλλους λόγους ἐπιβάλλει ἡ Βουλὴ νὰ ψηφίσῃ χωρὶς νὰ γνωρίζῃ τί ψηφίζει.

Εὐκόλως ἐννοεῖ πᾶς τις πόσον ἴσχλασεν ἡ ἀπάντησις τοῦ κ. ὑπουργοῦ τῶν Ἐξωτερικῶν, πάσα ἡ Βουλὴ, ἀκούσασα τοῦ κ. Τριανταφυλλάκου.

Τί πρῶτον, τί ὕστερον νὰ εἴπῃ τις περὶ τοιούτων ὑπουργῶν !

Ἡ νὰ λυπηθῇ διὰ τὴν τύχην τοῦ κ. Ἀθανασίου Ρωμάνου ἢ διὰ τὴν τύχην τῆς Βουλῆς καὶ τοῦ τόπου, ὅστις ἀπὸ τοιούτους ἀπολαμβάνει βοήθειαν !

Πέραν ἐνταῦθα εἰς τὴν Βουλὴν ἐνάρμοσιν κατὰ τὴν ἡμέραν τῆς ἐξετάσεως, ὅτι ἐπὶ τοῦ ζητήματος τῆς εὐχαριστίας θὰ ἀπαντήσῃ ὁ κ. Ὑπουργὸς τῶν Ἐξωτερικῶν.

Θὰ τὸ κατανοῆσῃ ὁ κ. Θεοτόκης ; Ἡ μέρις ἐν πάσῃ περιπτώσει τὴν καινοτομίαν αὐτοῦ τοὺς ἐξέλεξε τοὺς συναδέλφους του.

ΑΚΑΔΗΜΑΪΚΗ ΣΧΟΛΗ ΧΟΡΟΥ

Ὁ παρ' ἡμῖν διαπρεπὴς χοροδιδάσκαλος κ. Ἰωάν. Πρέβεζος ἔχων τὸ χοροδιδασκαλεῖον του ἐπὶ τῆς ὁδοῦ Πραξιτέλους, ὅπου τὸ ἐπιτυχὲς καὶ ἀκαδημαϊκὸν σύστημα τοῦ χορεύοντος τὴν 27 γνωρίζει εἰς πάντας τοὺς ἐρασιτέχνας τοῦ χοροῦ, ὅτι ἐν τῷ σχολῇ του διδάσκονται οἱ ἐξῆς νέοι χοροί, ἔγγραφα, αὐτοὶ τοῦ αἰῶνος. 1). Commencement du siècle, 2). Commencement des carnavals du siècle, 3). Πόλκα Ἀλλὶ καὶ ἐπομένως προσκαλεῖ αὐτοὺς ὅπως διδαχθῶσι τούτους.

Παρακαλεῖται ὁ κ. Κωνστ. Ζαννέτος ὅπως ἔλθῃ παρὰ τοῦ Ταμείου τοῦ Δημοτικοῦ Θεάτρου.
